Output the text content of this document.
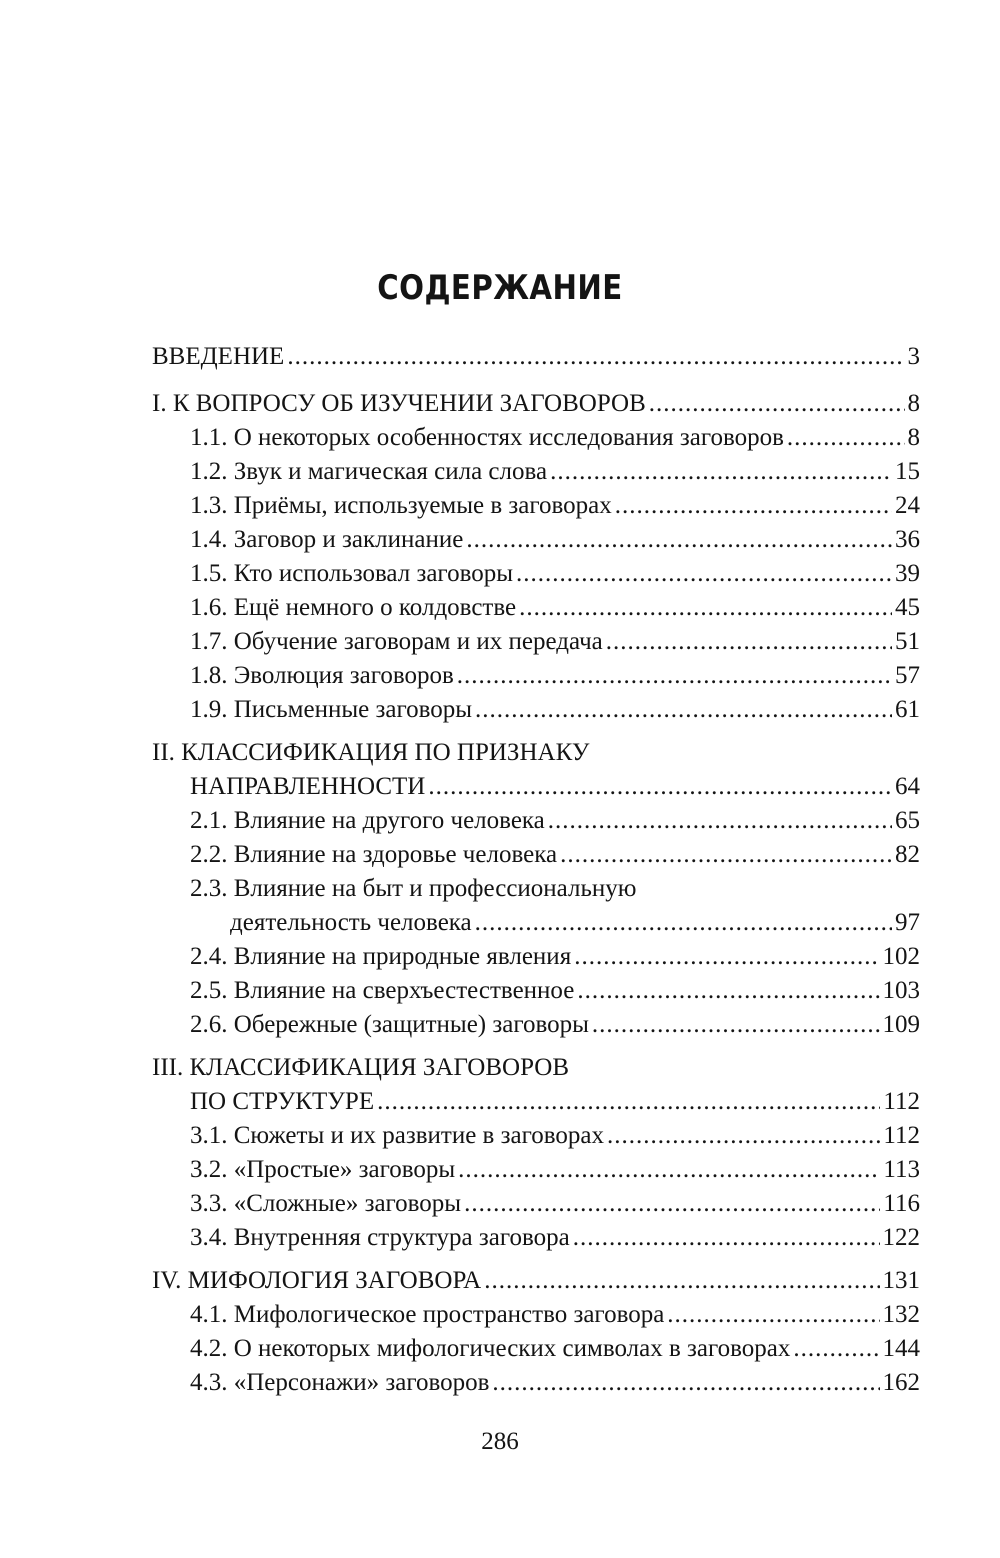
СОДЕРЖАНИЕ
ВВЕДЕНИЕ .....	3
I. К ВОПРОСУ ОБ ИЗУЧЕНИИ ЗАГОВОРОВ .....	8
1.1. О некоторых особенностях исследования заговоров .....	8
1.2. Звук и магическая сила слова .....	15
1.3. Приёмы, используемые в заговорах .....	24
1.4. Заговор и заклинание .....	36
1.5. Кто использовал заговоры .....	39
1.6. Ещё немного о колдовстве .....	45
1.7. Обучение заговорам и их передача .....	51
1.8. Эволюция заговоров .....	57
1.9. Письменные заговоры .....	61
II. КЛАССИФИКАЦИЯ ПО ПРИЗНАКУ
НАПРАВЛЕННОСТИ .....	64
2.1. Влияние на другого человека .....	65
2.2. Влияние на здоровье человека .....	82
2.3. Влияние на быт и профессиональную
деятельность человека .....	97
2.4. Влияние на природные явления .....	102
2.5. Влияние на сверхъестественное .....	103
2.6. Обережные (защитные) заговоры .....	109
III. КЛАССИФИКАЦИЯ ЗАГОВОРОВ
ПО СТРУКТУРЕ .....	112
3.1. Сюжеты и их развитие в заговорах .....	112
3.2. «Простые» заговоры .....	113
3.3. «Сложные» заговоры .....	116
3.4. Внутренняя структура заговора .....	122
IV. МИФОЛОГИЯ ЗАГОВОРА .....	131
4.1. Мифологическое пространство заговора .....	132
4.2. О некоторых мифологических символах в заговорах .....	144
4.3. «Персонажи» заговоров .....	162
286
